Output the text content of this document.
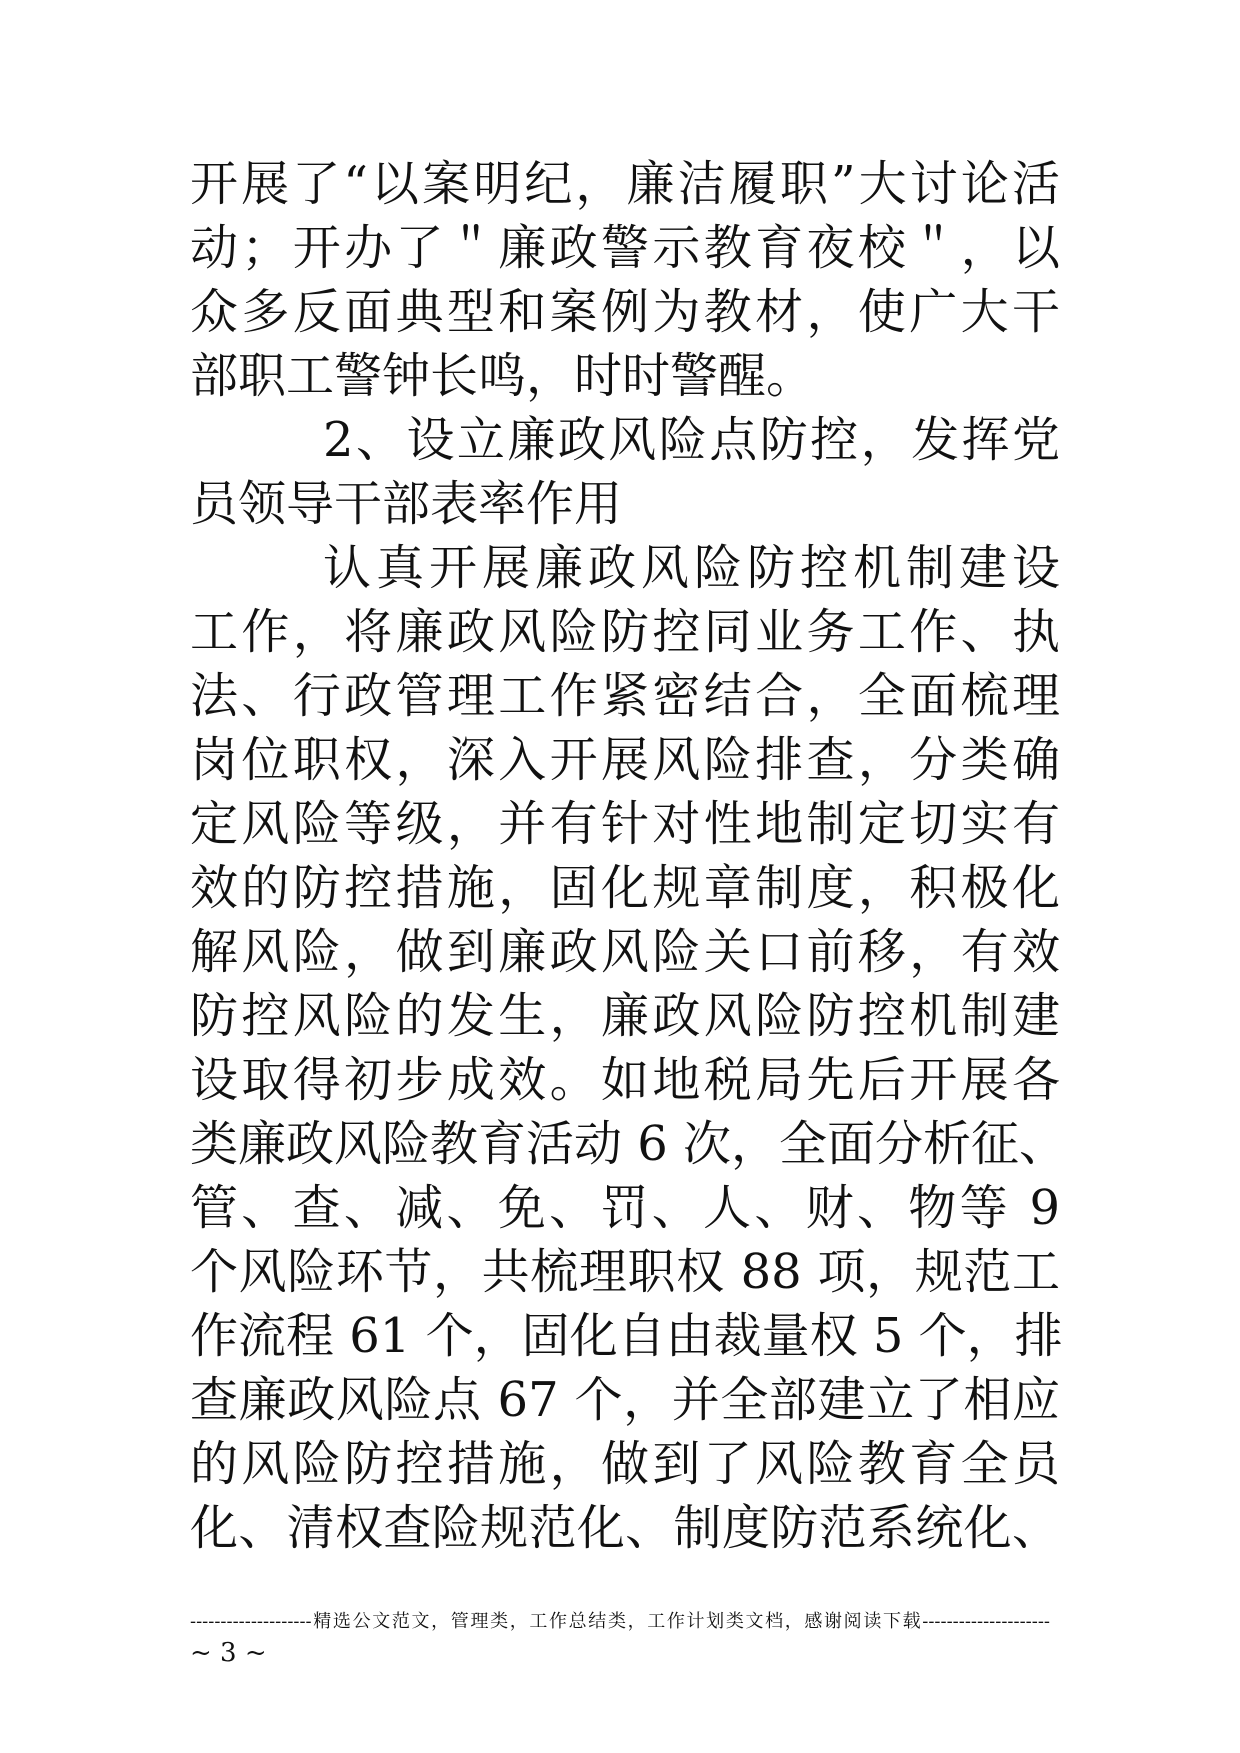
开展了“以案明纪，廉洁履职”大讨论活
动；开办了＂廉政警示教育夜校＂，以
众多反面典型和案例为教材，使广大干
部职工警钟长鸣，时时警醒。
2、设立廉政风险点防控，发挥党
员领导干部表率作用
认真开展廉政风险防控机制建设
工作，将廉政风险防控同业务工作、执
法、行政管理工作紧密结合，全面梳理
岗位职权，深入开展风险排查，分类确
定风险等级，并有针对性地制定切实有
效的防控措施，固化规章制度，积极化
解风险，做到廉政风险关口前移，有效
防控风险的发生，廉政风险防控机制建
设取得初步成效。如地税局先后开展各
类廉政风险教育活动 6 次，全面分析征、
管、查、减、免、罚、人、财、物等 9
个风险环节，共梳理职权 88 项，规范工
作流程 61 个，固化自由裁量权 5 个，排
查廉政风险点 67 个，并全部建立了相应
的风险防控措施，做到了风险教育全员
化、清权查险规范化、制度防范系统化、
--------------------精选公文范文，管理类，工作总结类，工作计划类文档，感谢阅读下载---------------------
~ 3 ~
